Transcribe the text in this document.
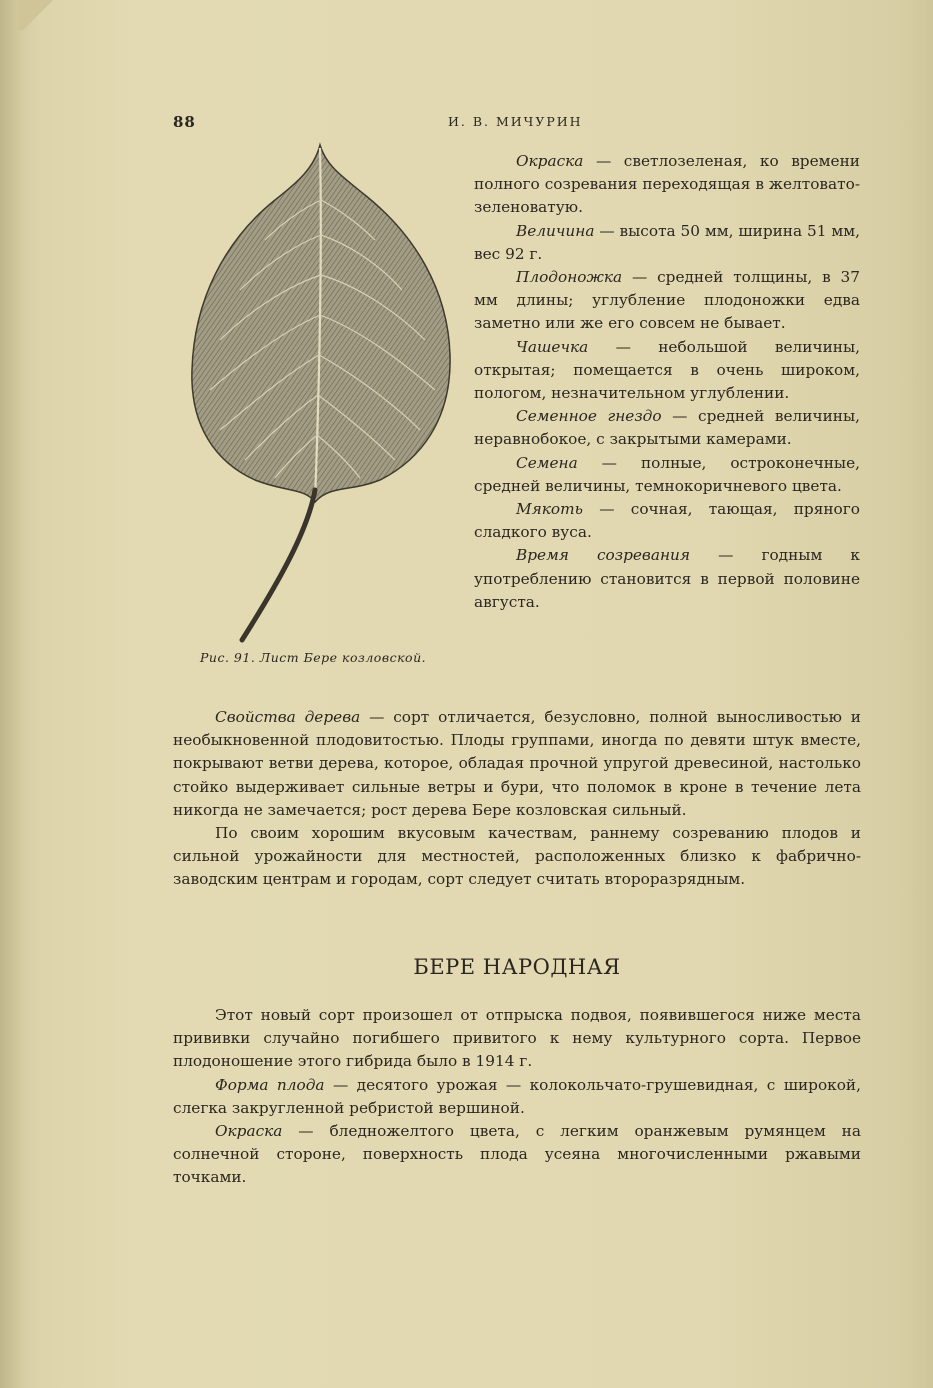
88	И. В. МИЧУРИН
Рис. 91. Лист Бере козловской.

Окраска — светлозеленая, ко времени полного созревания переходящая в желтовато-зеленоватую.

Величина — высота 50 мм, ширина 51 мм, вес 92 г.

Плодоножка — средней толщины, в 37 мм длины; углубление плодоножки едва заметно или же его совсем не бывает.

Чашечка — небольшой величины, открытая; помещается в очень широком, пологом, незначительном углублении.

Семенное гнездо — средней величины, неравнобокое, с закрытыми камерами.

Семена — полные, остроконечные, средней величины, темнокоричневого цвета.

Мякоть — сочная, тающая, пряного сладкого вуса.

Время созревания — годным к употреблению становится в первой половине августа.

Свойства дерева — сорт отличается, безусловно, полной выносливостью и необыкновенной плодовитостью. Плоды группами, иногда по девяти штук вместе, покрывают ветви дерева, которое, обладая прочной упругой древесиной, настолько стойко выдерживает сильные ветры и бури, что поломок в кроне в течение лета никогда не замечается; рост дерева Бере козловская сильный.

По своим хорошим вкусовым качествам, раннему созреванию плодов и сильной урожайности для местностей, расположенных близко к фабрично-заводским центрам и городам, сорт следует считать второразрядным.

БЕРЕ НАРОДНАЯ

Этот новый сорт произошел от отпрыска подвоя, появившегося ниже места прививки случайно погибшего привитого к нему культурного сорта. Первое плодоношение этого гибрида было в 1914 г.

Форма плода — десятого урожая — колокольчато-грушевидная, с широкой, слегка закругленной ребристой вершиной.

Окраска — бледножелтого цвета, с легким оранжевым румянцем на солнечной стороне, поверхность плода усеяна многочисленными ржавыми точками.
